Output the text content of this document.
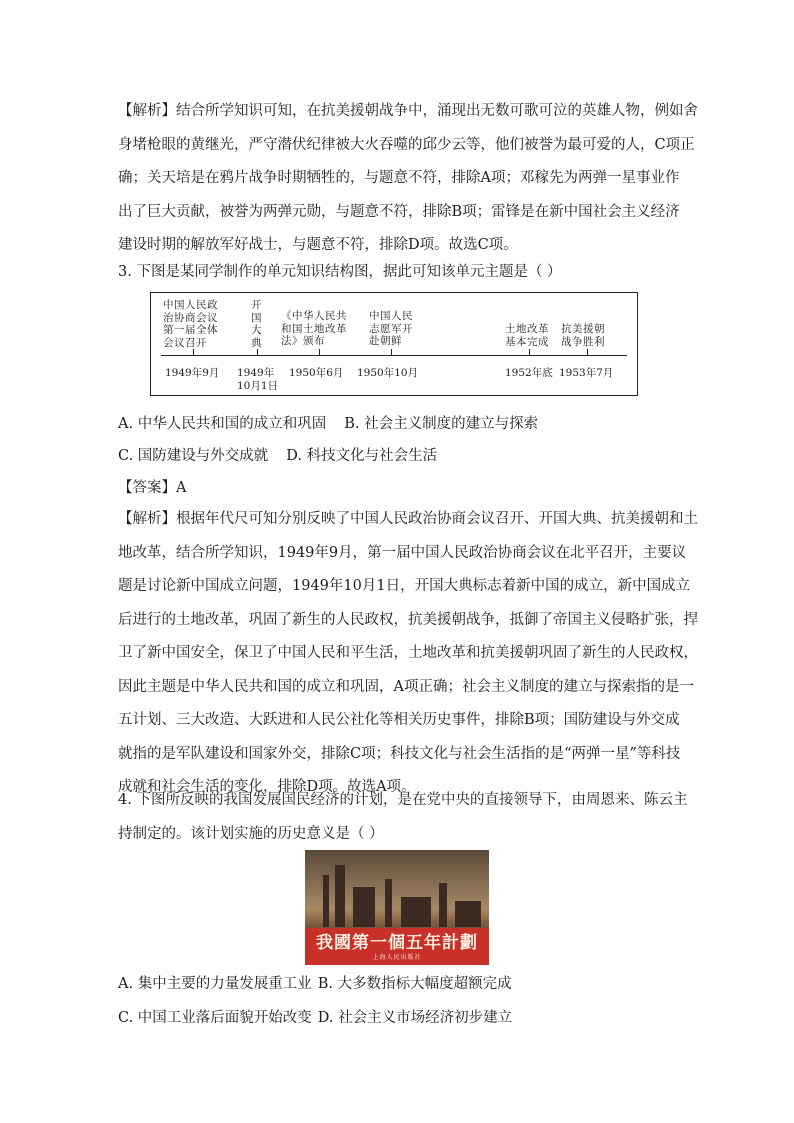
【解析】结合所学知识可知，在抗美援朝战争中，涌现出无数可歌可泣的英雄人物，例如舍
身堵枪眼的黄继光，严守潜伏纪律被大火吞噬的邱少云等，他们被誉为最可爱的人，C项正
确；关天培是在鸦片战争时期牺牲的，与题意不符，排除A项；邓稼先为两弹一星事业作
出了巨大贡献，被誉为两弹元勋，与题意不符，排除B项；雷锋是在新中国社会主义经济
建设时期的解放军好战士，与题意不符，排除D项。故选C项。
3. 下图是某同学制作的单元知识结构图，据此可知该单元主题是（ ）
中国人民政
治协商会议
第一届全体
会议召开
1949年9月
开
国
大
典
1949年
10月1日
《中华人民共
和国土地改革
法》颁布
1950年6月
中国人民
志愿军开
赴朝鲜
1950年10月
土地改革
基本完成
1952年底
抗美援朝
战争胜利
1953年7月
A. 中华人民共和国的成立和巩固 B. 社会主义制度的建立与探索
C. 国防建设与外交成就 D. 科技文化与社会生活
【答案】A
【解析】根据年代尺可知分别反映了中国人民政治协商会议召开、开国大典、抗美援朝和土
地改革，结合所学知识，1949年9月，第一届中国人民政治协商会议在北平召开，主要议
题是讨论新中国成立问题，1949年10月1日，开国大典标志着新中国的成立，新中国成立
后进行的土地改革，巩固了新生的人民政权，抗美援朝战争，抵御了帝国主义侵略扩张，捍
卫了新中国安全，保卫了中国人民和平生活，土地改革和抗美援朝巩固了新生的人民政权，
因此主题是中华人民共和国的成立和巩固，A项正确；社会主义制度的建立与探索指的是一
五计划、三大改造、大跃进和人民公社化等相关历史事件，排除B项；国防建设与外交成
就指的是军队建设和国家外交，排除C项；科技文化与社会生活指的是“两弹一星”等科技
成就和社会生活的变化，排除D项。故选A项。
4. 下图所反映的我国发展国民经济的计划，是在党中央的直接领导下，由周恩来、陈云主
持制定的。该计划实施的历史意义是（ ）
我國第一個五年計劃
上海人民出版社
A. 集中主要的力量发展重工业 B. 大多数指标大幅度超额完成
C. 中国工业落后面貌开始改变 D. 社会主义市场经济初步建立
